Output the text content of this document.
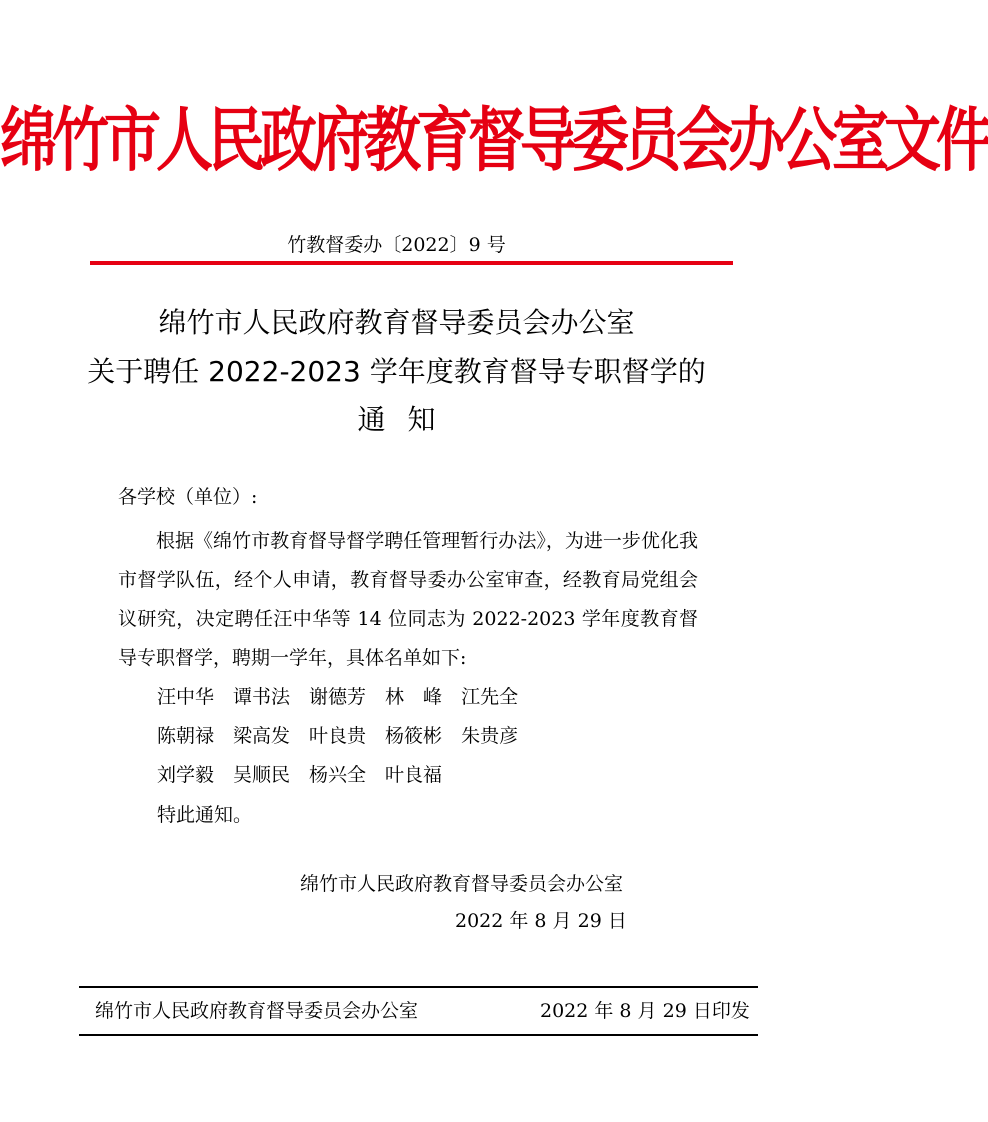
绵竹市人民政府教育督导委员会办公室文件
竹教督委办〔2022〕9 号
绵竹市人民政府教育督导委员会办公室
关于聘任 2022-2023 学年度教育督导专职督学的
通知
各学校（单位）:
根据《绵竹市教育督导督学聘任管理暂行办法》，为进一步优化我市督学队伍，经个人申请，教育督导委办公室审查，经教育局党组会议研究，决定聘任汪中华等 14 位同志为 2022-2023 学年度教育督导专职督学，聘期一学年，具体名单如下:
汪中华 谭书法 谢德芳 林　峰 江先全
陈朝禄 梁高发 叶良贵 杨筱彬 朱贵彦
刘学毅 吴顺民 杨兴全 叶良福
特此通知。
绵竹市人民政府教育督导委员会办公室
2022 年 8 月 29 日
绵竹市人民政府教育督导委员会办公室	2022 年 8 月 29 日印发
